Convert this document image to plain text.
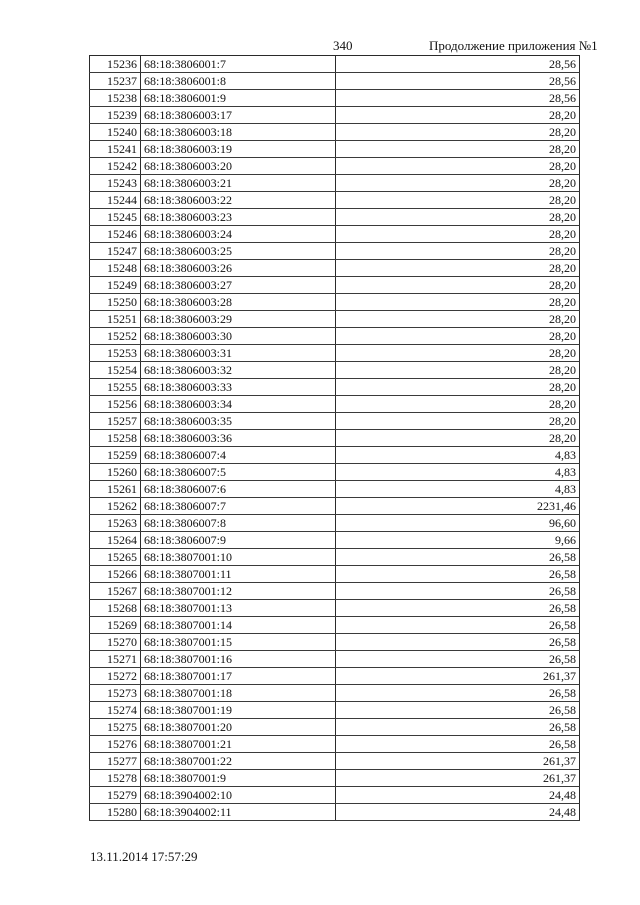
340	Продолжение приложения №1
15236	68:18:3806001:7	28,56
15237	68:18:3806001:8	28,56
15238	68:18:3806001:9	28,56
15239	68:18:3806003:17	28,20
15240	68:18:3806003:18	28,20
15241	68:18:3806003:19	28,20
15242	68:18:3806003:20	28,20
15243	68:18:3806003:21	28,20
15244	68:18:3806003:22	28,20
15245	68:18:3806003:23	28,20
15246	68:18:3806003:24	28,20
15247	68:18:3806003:25	28,20
15248	68:18:3806003:26	28,20
15249	68:18:3806003:27	28,20
15250	68:18:3806003:28	28,20
15251	68:18:3806003:29	28,20
15252	68:18:3806003:30	28,20
15253	68:18:3806003:31	28,20
15254	68:18:3806003:32	28,20
15255	68:18:3806003:33	28,20
15256	68:18:3806003:34	28,20
15257	68:18:3806003:35	28,20
15258	68:18:3806003:36	28,20
15259	68:18:3806007:4	4,83
15260	68:18:3806007:5	4,83
15261	68:18:3806007:6	4,83
15262	68:18:3806007:7	2231,46
15263	68:18:3806007:8	96,60
15264	68:18:3806007:9	9,66
15265	68:18:3807001:10	26,58
15266	68:18:3807001:11	26,58
15267	68:18:3807001:12	26,58
15268	68:18:3807001:13	26,58
15269	68:18:3807001:14	26,58
15270	68:18:3807001:15	26,58
15271	68:18:3807001:16	26,58
15272	68:18:3807001:17	261,37
15273	68:18:3807001:18	26,58
15274	68:18:3807001:19	26,58
15275	68:18:3807001:20	26,58
15276	68:18:3807001:21	26,58
15277	68:18:3807001:22	261,37
15278	68:18:3807001:9	261,37
15279	68:18:3904002:10	24,48
15280	68:18:3904002:11	24,48
13.11.2014 17:57:29
